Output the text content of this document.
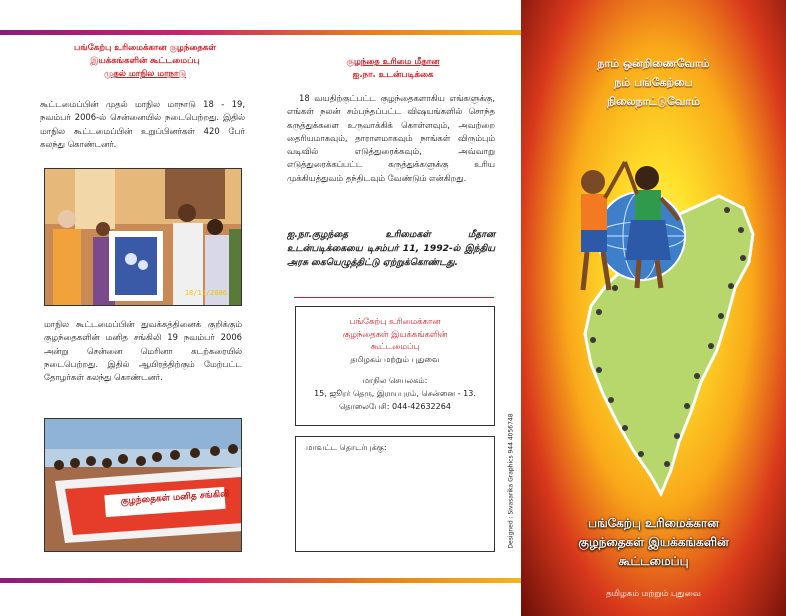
பங்கேற்பு உரிமைக்கான குழந்தைகள்
இயக்கங்களின் கூட்டமைப்பு
முதல் மாநில மாநாடு
கூட்டமைப்பின் முதல் மாநில மாநாடு 18 - 19, நவம்பர் 2006-ல் சென்னையில் நடைபெற்றது. இதில் மாநில கூட்டமைப்பின் உறுப்பினர்கள் 420 பேர் கலந்து கொண்டனர்.
18/11/2006
மாநில கூட்டமைப்பின் துவக்கத்தினைக் குறிக்கும் குழந்தைகளின் மனித சங்கிலி 19 நவம்பர் 2006 அன்று சென்னை மெரினா கடற்கரையில் நடைபெற்றது. இதில் ஆயிரத்திற்கும் மேற்பட்ட தோழர்கள் கலந்து கொண்டனர்.
குழந்தைகள் மனித சங்கிலி
குழந்தை உரிமை மீதான
ஐ.நா. உடன்படிக்கை
18 வயதிற்குட்பட்ட குழந்தைகளாகிய எங்களுக்கு, எங்கள் நலன் சம்பந்தப்பட்ட விஷயங்களில் சொந்த கருத்துக்களை உருவாக்கிக் கொள்ளவும், அவற்றை தைரியமாகவும், தாராளமாகவும் நாங்கள் விரும்பும் வடிவில் எடுத்துரைக்கவும், அவ்வாறு எடுத்துரைக்கப்பட்ட கருத்துக்களுக்கு உரிய முக்கியத்துவம் தந்திடவும் வேண்டும் என்கிறது.
ஐ.நா.குழந்தை உரிமைகள் மீதான உடன்படிக்கையை டிசம்பர் 11, 1992-ல் இந்திய அரசு கையெழுத்திட்டு ஏற்றுக்கொண்டது.
பங்கேற்பு உரிமைக்கான
குழந்தைகள் இயக்கங்களின்
கூட்டமைப்பு
தமிழகம் மற்றும் புதுவை
மாநில செயலகம்:
15, ஜூரர் தெரு, இராயபுரம், சென்னை - 13.
தொலைபேசி: 044-42632264
மாவட்ட தொடர்புக்கு:	Designed : Sivasarika Graphics 944 4056748
நாம் ஒன்றிணைவோம்
நம் பங்கேற்பை
நிலைநாட்டுவோம்
பங்கேற்பு உரிமைக்கான
குழந்தைகள் இயக்கங்களின்
கூட்டமைப்பு
தமிழகம் மற்றும் புதுவை
